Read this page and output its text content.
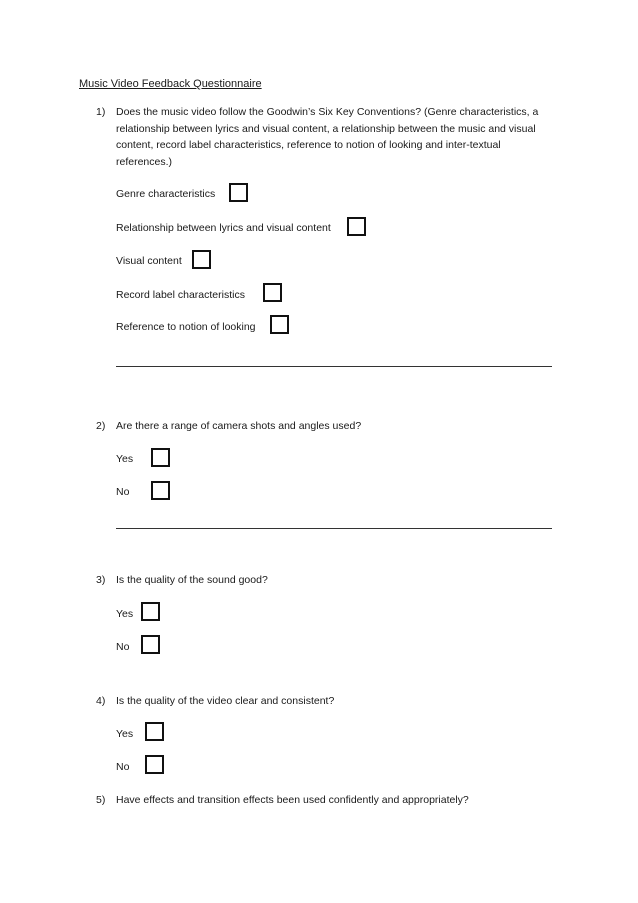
Music Video Feedback Questionnaire
1) Does the music video follow the Goodwin’s Six Key Conventions? (Genre characteristics, a relationship between lyrics and visual content, a relationship between the music and visual content, record label characteristics, reference to notion of looking and inter-textual references.)
Genre characteristics
Relationship between lyrics and visual content
Visual content
Record label characteristics
Reference to notion of looking
2) Are there a range of camera shots and angles used?
Yes
No
3) Is the quality of the sound good?
Yes
No
4) Is the quality of the video clear and consistent?
Yes
No
5) Have effects and transition effects been used confidently and appropriately?
